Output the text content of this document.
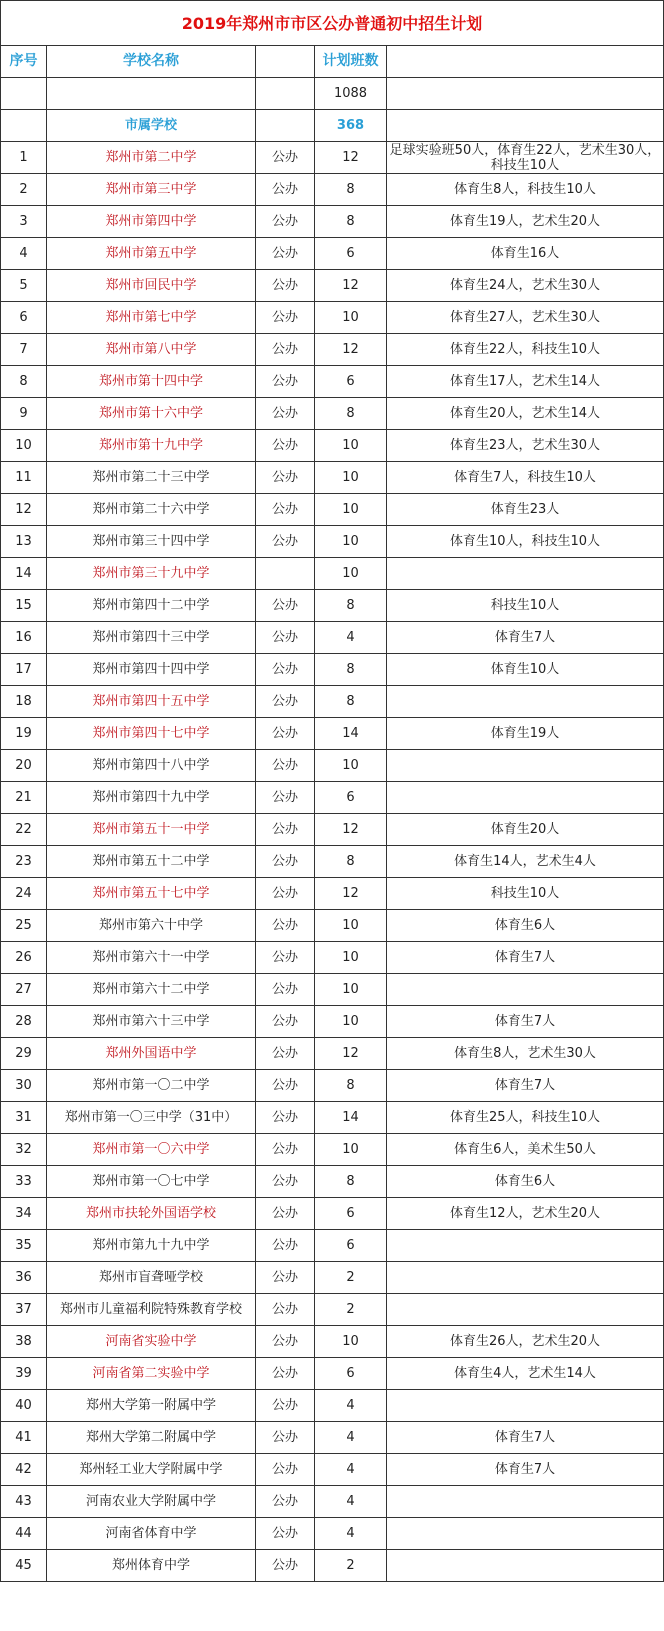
2019年郑州市市区公办普通初中招生计划				
序号	学校名称		计划班数	
			1088	
	市属学校		368	
1	郑州市第二中学	公办	12	足球实验班50人，体育生22人，艺术生30人，科技生10人
2	郑州市第三中学	公办	8	体育生8人，科技生10人
3	郑州市第四中学	公办	8	体育生19人，艺术生20人
4	郑州市第五中学	公办	6	体育生16人
5	郑州市回民中学	公办	12	体育生24人，艺术生30人
6	郑州市第七中学	公办	10	体育生27人，艺术生30人
7	郑州市第八中学	公办	12	体育生22人，科技生10人
8	郑州市第十四中学	公办	6	体育生17人，艺术生14人
9	郑州市第十六中学	公办	8	体育生20人，艺术生14人
10	郑州市第十九中学	公办	10	体育生23人，艺术生30人
11	郑州市第二十三中学	公办	10	体育生7人，科技生10人
12	郑州市第二十六中学	公办	10	体育生23人
13	郑州市第三十四中学	公办	10	体育生10人，科技生10人
14	郑州市第三十九中学		10	
15	郑州市第四十二中学	公办	8	科技生10人
16	郑州市第四十三中学	公办	4	体育生7人
17	郑州市第四十四中学	公办	8	体育生10人
18	郑州市第四十五中学	公办	8	
19	郑州市第四十七中学	公办	14	体育生19人
20	郑州市第四十八中学	公办	10	
21	郑州市第四十九中学	公办	6	
22	郑州市第五十一中学	公办	12	体育生20人
23	郑州市第五十二中学	公办	8	体育生14人，艺术生4人
24	郑州市第五十七中学	公办	12	科技生10人
25	郑州市第六十中学	公办	10	体育生6人
26	郑州市第六十一中学	公办	10	体育生7人
27	郑州市第六十二中学	公办	10	
28	郑州市第六十三中学	公办	10	体育生7人
29	郑州外国语中学	公办	12	体育生8人，艺术生30人
30	郑州市第一〇二中学	公办	8	体育生7人
31	郑州市第一〇三中学（31中）	公办	14	体育生25人，科技生10人
32	郑州市第一〇六中学	公办	10	体育生6人，美术生50人
33	郑州市第一〇七中学	公办	8	体育生6人
34	郑州市扶轮外国语学校	公办	6	体育生12人，艺术生20人
35	郑州市第九十九中学	公办	6	
36	郑州市盲聋哑学校	公办	2	
37	郑州市儿童福利院特殊教育学校	公办	2	
38	河南省实验中学	公办	10	体育生26人，艺术生20人
39	河南省第二实验中学	公办	6	体育生4人，艺术生14人
40	郑州大学第一附属中学	公办	4	
41	郑州大学第二附属中学	公办	4	体育生7人
42	郑州轻工业大学附属中学	公办	4	体育生7人
43	河南农业大学附属中学	公办	4	
44	河南省体育中学	公办	4	
45	郑州体育中学	公办	2	
